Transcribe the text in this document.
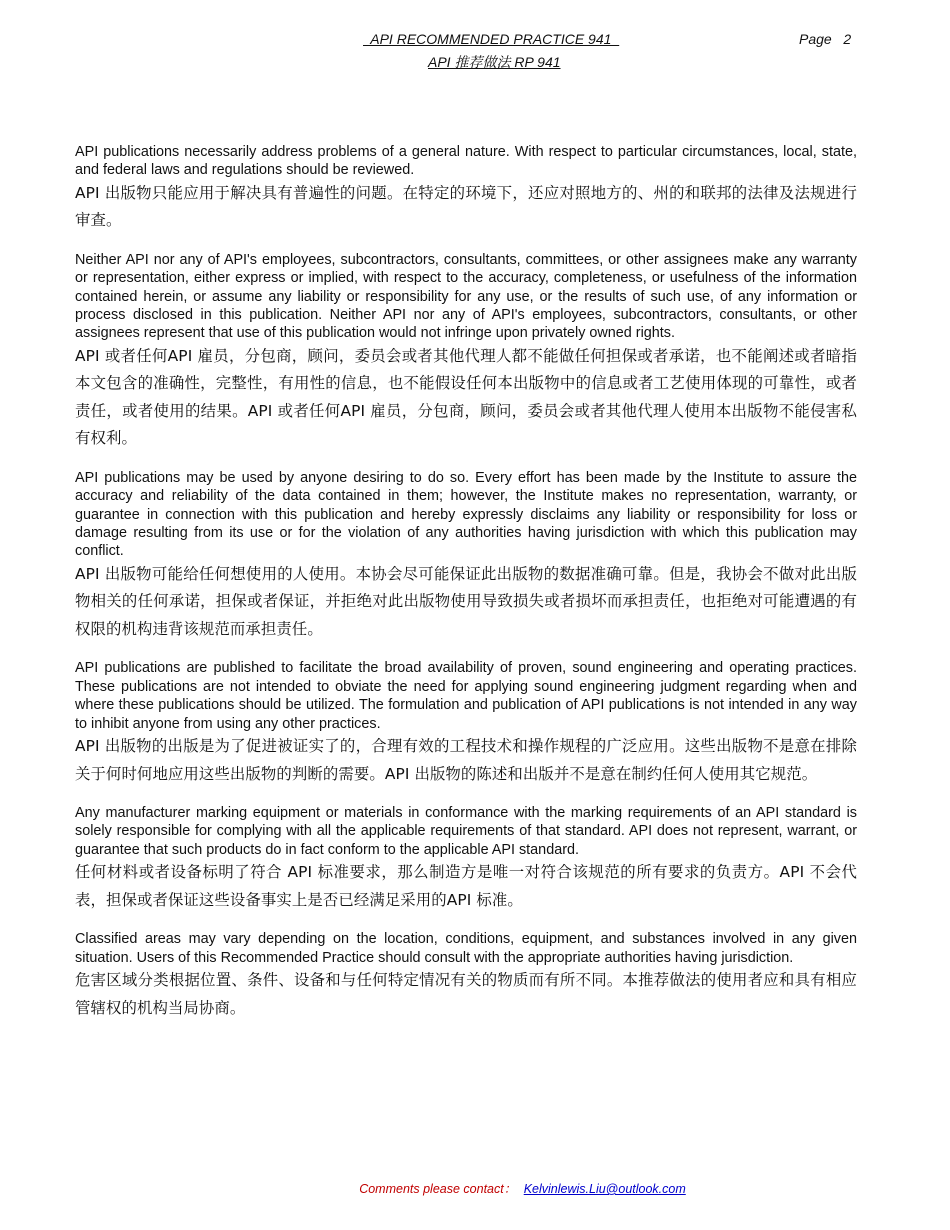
API RECOMMENDED PRACTICE 941	Page   2
API 推荐做法 RP 941

API publications necessarily address problems of a general nature. With respect to particular circumstances, local, state, and federal laws and regulations should be reviewed.

API 出版物只能应用于解决具有普遍性的问题。在特定的环境下，还应对照地方的、州的和联邦的法律及法规进行审查。

Neither API nor any of API's employees, subcontractors, consultants, committees, or other assignees make any warranty or representation, either express or implied, with respect to the accuracy, completeness, or usefulness of the information contained herein, or assume any liability or responsibility for any use, or the results of such use, of any information or process disclosed in this publication. Neither API nor any of API's employees, subcontractors, consultants, or other assignees represent that use of this publication would not infringe upon privately owned rights.

API 或者任何API 雇员，分包商，顾问，委员会或者其他代理人都不能做任何担保或者承诺，也不能阐述或者暗指本文包含的准确性，完整性，有用性的信息，也不能假设任何本出版物中的信息或者工艺使用体现的可靠性，或者责任，或者使用的结果。API 或者任何API 雇员，分包商，顾问，委员会或者其他代理人使用本出版物不能侵害私有权利。

API publications may be used by anyone desiring to do so. Every effort has been made by the Institute to assure the accuracy and reliability of the data contained in them; however, the Institute makes no representation, warranty, or guarantee in connection with this publication and hereby expressly disclaims any liability or responsibility for loss or damage resulting from its use or for the violation of any authorities having jurisdiction with which this publication may conflict.

API 出版物可能给任何想使用的人使用。本协会尽可能保证此出版物的数据准确可靠。但是，我协会不做对此出版物相关的任何承诺，担保或者保证，并拒绝对此出版物使用导致损失或者损坏而承担责任，也拒绝对可能遭遇的有权限的机构违背该规范而承担责任。

API publications are published to facilitate the broad availability of proven, sound engineering and operating practices. These publications are not intended to obviate the need for applying sound engineering judgment regarding when and where these publications should be utilized. The formulation and publication of API publications is not intended in any way to inhibit anyone from using any other practices.

API 出版物的出版是为了促进被证实了的，合理有效的工程技术和操作规程的广泛应用。这些出版物不是意在排除关于何时何地应用这些出版物的判断的需要。API 出版物的陈述和出版并不是意在制约任何人使用其它规范。

Any manufacturer marking equipment or materials in conformance with the marking requirements of an API standard is solely responsible for complying with all the applicable requirements of that standard. API does not represent, warrant, or guarantee that such products do in fact conform to the applicable API standard.

任何材料或者设备标明了符合 API 标准要求，那么制造方是唯一对符合该规范的所有要求的负责方。API 不会代表，担保或者保证这些设备事实上是否已经满足采用的API 标准。

Classified areas may vary depending on the location, conditions, equipment, and substances involved in any given situation. Users of this Recommended Practice should consult with the appropriate authorities having jurisdiction.

危害区域分类根据位置、条件、设备和与任何特定情况有关的物质而有所不同。本推荐做法的使用者应和具有相应管辖权的机构当局协商。

Comments please contact： Kelvinlewis.Liu@outlook.com
